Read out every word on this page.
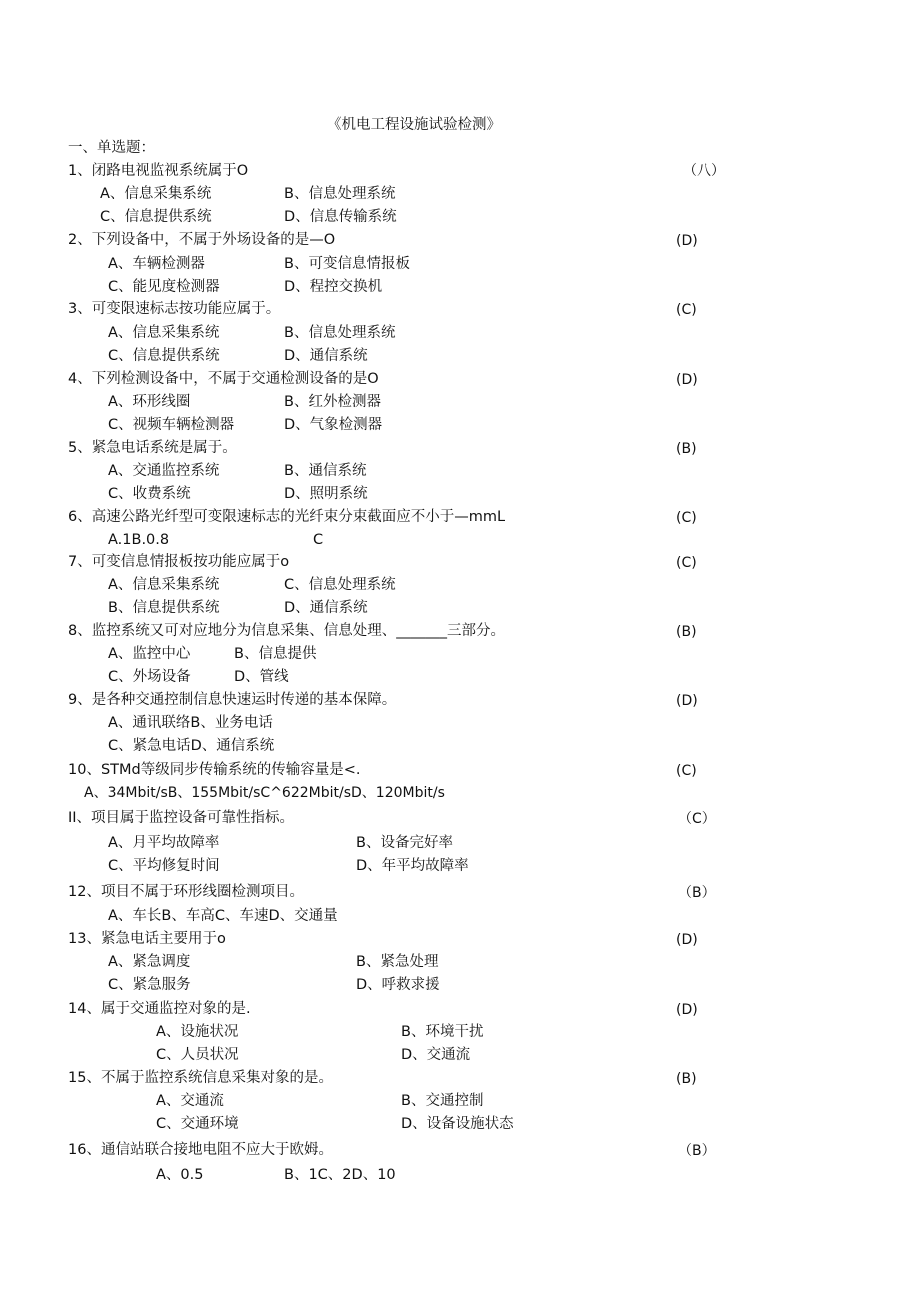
《机电工程设施试验检测》
一、单选题：
1、闭路电视监视系统属于O	（八）
A、信息采集系统	B、信息处理系统
C、信息提供系统	D、信息传输系统
2、下列设备中，不属于外场设备的是—O	(D)
A、车辆检测器	B、可变信息情报板
C、能见度检测器	D、程控交换机
3、可变限速标志按功能应属于。	(C)
A、信息采集系统	B、信息处理系统
C、信息提供系统	D、通信系统
4、下列检测设备中，不属于交通检测设备的是O	(D)
A、环形线圈	B、红外检测器
C、视频车辆检测器	D、气象检测器
5、紧急电话系统是属于。	(B)
A、交通监控系统	B、通信系统
C、收费系统	D、照明系统
6、高速公路光纤型可变限速标志的光纤束分束截面应不小于—mmL	(C)
A.1B.0.8	C
7、可变信息情报板按功能应属于o	(C)
A、信息采集系统	C、信息处理系统
B、信息提供系统	D、通信系统
8、监控系统又可对应地分为信息采集、信息处理、_______三部分。	(B)
A、监控中心	B、信息提供
C、外场设备	D、管线
9、是各种交通控制信息快速运时传递的基本保障。	(D)
A、通讯联络B、业务电话
C、紧急电话D、通信系统
10、STMd等级同步传输系统的传输容量是<.	(C)
A、34Mbit/sB、155Mbit/sC^622Mbit/sD、120Mbit/s
II、项目属于监控设备可靠性指标。	（C）
A、月平均故障率	B、设备完好率
C、平均修复时间	D、年平均故障率
12、项目不属于环形线圈检测项目。	（B）
A、车长B、车高C、车速D、交通量
13、紧急电话主要用于o	(D)
A、紧急调度	B、紧急处理
C、紧急服务	D、呼救求援
14、属于交通监控对象的是.	(D)
A、设施状况	B、环境干扰
C、人员状况	D、交通流
15、不属于监控系统信息采集对象的是。	(B)
A、交通流	B、交通控制
C、交通环境	D、设备设施状态
16、通信站联合接地电阻不应大于欧姆。	（B）
A、0.5	B、1C、2D、10
